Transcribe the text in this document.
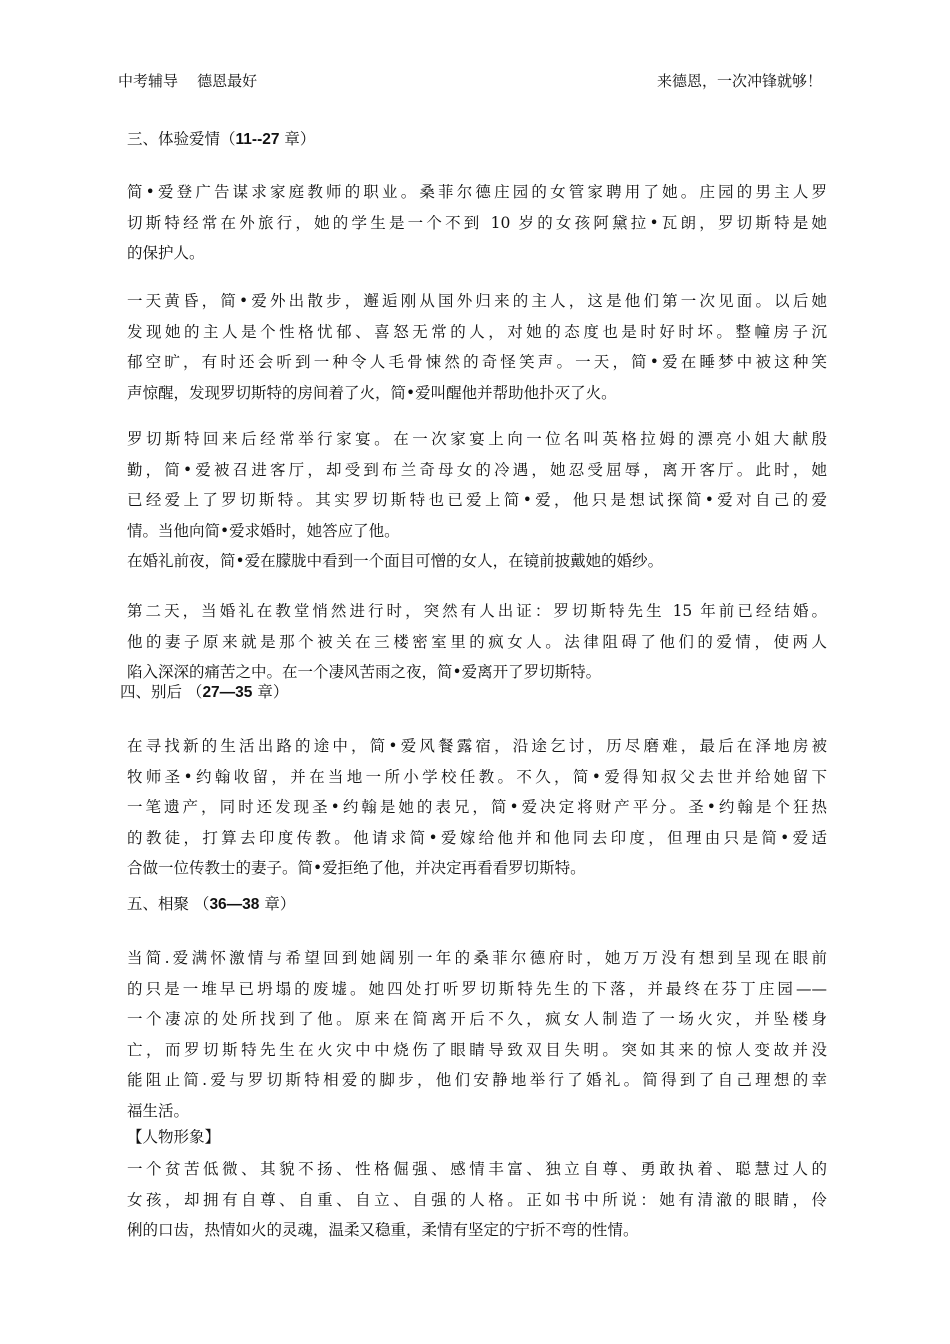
中考辅导    德恩最好	来德恩，一次冲锋就够！
三、体验爱情（11--27 章）
简•爱登广告谋求家庭教师的职业。桑菲尔德庄园的女管家聘用了她。庄园的男主人罗
切斯特经常在外旅行，她的学生是一个不到 10 岁的女孩阿黛拉•瓦朗，罗切斯特是她
的保护人。
一天黄昏，简•爱外出散步，邂逅刚从国外归来的主人，这是他们第一次见面。以后她
发现她的主人是个性格忧郁、喜怒无常的人，对她的态度也是时好时坏。整幢房子沉
郁空旷，有时还会听到一种令人毛骨悚然的奇怪笑声。一天，简•爱在睡梦中被这种笑
声惊醒，发现罗切斯特的房间着了火，简•爱叫醒他并帮助他扑灭了火。
罗切斯特回来后经常举行家宴。在一次家宴上向一位名叫英格拉姆的漂亮小姐大献殷
勤，简•爱被召进客厅，却受到布兰奇母女的冷遇，她忍受屈辱，离开客厅。此时，她
已经爱上了罗切斯特。其实罗切斯特也已爱上简•爱，他只是想试探简•爱对自己的爱
情。当他向简•爱求婚时，她答应了他。
在婚礼前夜，简•爱在朦胧中看到一个面目可憎的女人，在镜前披戴她的婚纱。
第二天，当婚礼在教堂悄然进行时，突然有人出证：罗切斯特先生 15 年前已经结婚。
他的妻子原来就是那个被关在三楼密室里的疯女人。法律阻碍了他们的爱情，使两人
陷入深深的痛苦之中。在一个凄风苦雨之夜，简•爱离开了罗切斯特。
四、别后 （27—35 章）
在寻找新的生活出路的途中，简•爱风餐露宿，沿途乞讨，历尽磨难，最后在泽地房被
牧师圣•约翰收留，并在当地一所小学校任教。不久，简•爱得知叔父去世并给她留下
一笔遗产，同时还发现圣•约翰是她的表兄，简•爱决定将财产平分。圣•约翰是个狂热
的教徒，打算去印度传教。他请求简•爱嫁给他并和他同去印度，但理由只是简•爱适
合做一位传教士的妻子。简•爱拒绝了他，并决定再看看罗切斯特。
五、相聚 （36—38 章）
当简.爱满怀激情与希望回到她阔别一年的桑菲尔德府时，她万万没有想到呈现在眼前
的只是一堆早已坍塌的废墟。她四处打听罗切斯特先生的下落，并最终在芬丁庄园——
一个凄凉的处所找到了他。原来在简离开后不久，疯女人制造了一场火灾，并坠楼身
亡，而罗切斯特先生在火灾中中烧伤了眼睛导致双目失明。突如其来的惊人变故并没
能阻止简.爱与罗切斯特相爱的脚步，他们安静地举行了婚礼。简得到了自己理想的幸
福生活。
【人物形象】
一个贫苦低微、其貌不扬、性格倔强、感情丰富、独立自尊、勇敢执着、聪慧过人的
女孩，却拥有自尊、自重、自立、自强的人格。正如书中所说：她有清澈的眼睛，伶
俐的口齿，热情如火的灵魂，温柔又稳重，柔情有坚定的宁折不弯的性情。
